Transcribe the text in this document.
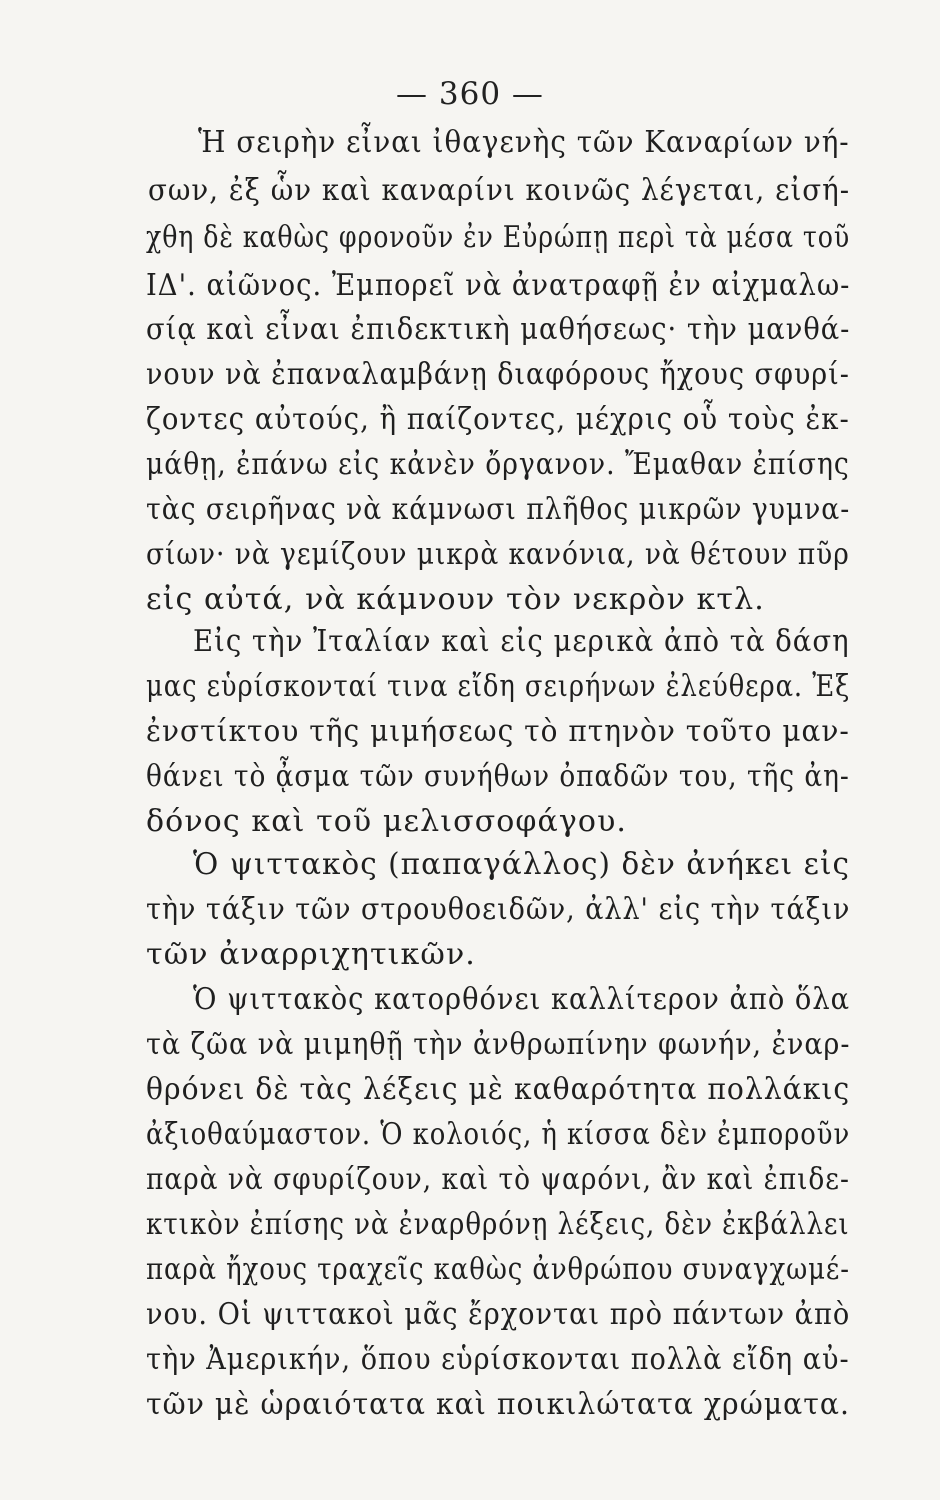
— 360 —
Ἡ σειρὴν εἶναι ἰθαγενὴς τῶν Καναρίων νή-
σων, ἐξ ὧν καὶ καναρίνι κοινῶς λέγεται, εἰσή-
χθη δὲ καθὼς φρονοῦν ἐν Εὐρώπῃ περὶ τὰ μέσα τοῦ
ΙΔ'. αἰῶνος. Ἐμπορεῖ νὰ ἀνατραφῇ ἐν αἰχμαλω-
σίᾳ καὶ εἶναι ἐπιδεκτικὴ μαθήσεως· τὴν μανθά-
νουν νὰ ἐπαναλαμβάνῃ διαφόρους ἤχους σφυρί-
ζοντες αὐτούς, ἢ παίζοντες, μέχρις οὗ τοὺς ἐκ-
μάθῃ, ἐπάνω εἰς κἀνὲν ὄργανον. Ἔμαθαν ἐπίσης
τὰς σειρῆνας νὰ κάμνωσι πλῆθος μικρῶν γυμνα-
σίων· νὰ γεμίζουν μικρὰ κανόνια, νὰ θέτουν πῦρ
εἰς αὐτά, νὰ κάμνουν τὸν νεκρὸν κτλ.
Εἰς τὴν Ἰταλίαν καὶ εἰς μερικὰ ἀπὸ τὰ δάση
μας εὑρίσκονταί τινα εἴδη σειρήνων ἐλεύθερα. Ἐξ
ἐνστίκτου τῆς μιμήσεως τὸ πτηνὸν τοῦτο μαν-
θάνει τὸ ᾆσμα τῶν συνήθων ὀπαδῶν του, τῆς ἀη-
δόνος καὶ τοῦ μελισσοφάγου.
Ὁ ψιττακὸς (παπαγάλλος) δὲν ἀνήκει εἰς
τὴν τάξιν τῶν στρουθοειδῶν, ἀλλ' εἰς τὴν τάξιν
τῶν ἀναρριχητικῶν.
Ὁ ψιττακὸς κατορθόνει καλλίτερον ἀπὸ ὅλα
τὰ ζῶα νὰ μιμηθῇ τὴν ἀνθρωπίνην φωνήν, ἐναρ-
θρόνει δὲ τὰς λέξεις μὲ καθαρότητα πολλάκις
ἀξιοθαύμαστον. Ὁ κολοιός, ἡ κίσσα δὲν ἐμποροῦν
παρὰ νὰ σφυρίζουν, καὶ τὸ ψαρόνι, ἂν καὶ ἐπιδε-
κτικὸν ἐπίσης νὰ ἐναρθρόνῃ λέξεις, δὲν ἐκβάλλει
παρὰ ἤχους τραχεῖς καθὼς ἀνθρώπου συναγχωμέ-
νου. Οἱ ψιττακοὶ μᾶς ἔρχονται πρὸ πάντων ἀπὸ
τὴν Ἀμερικήν, ὅπου εὑρίσκονται πολλὰ εἴδη αὐ-
τῶν μὲ ὡραιότατα καὶ ποικιλώτατα χρώματα.
